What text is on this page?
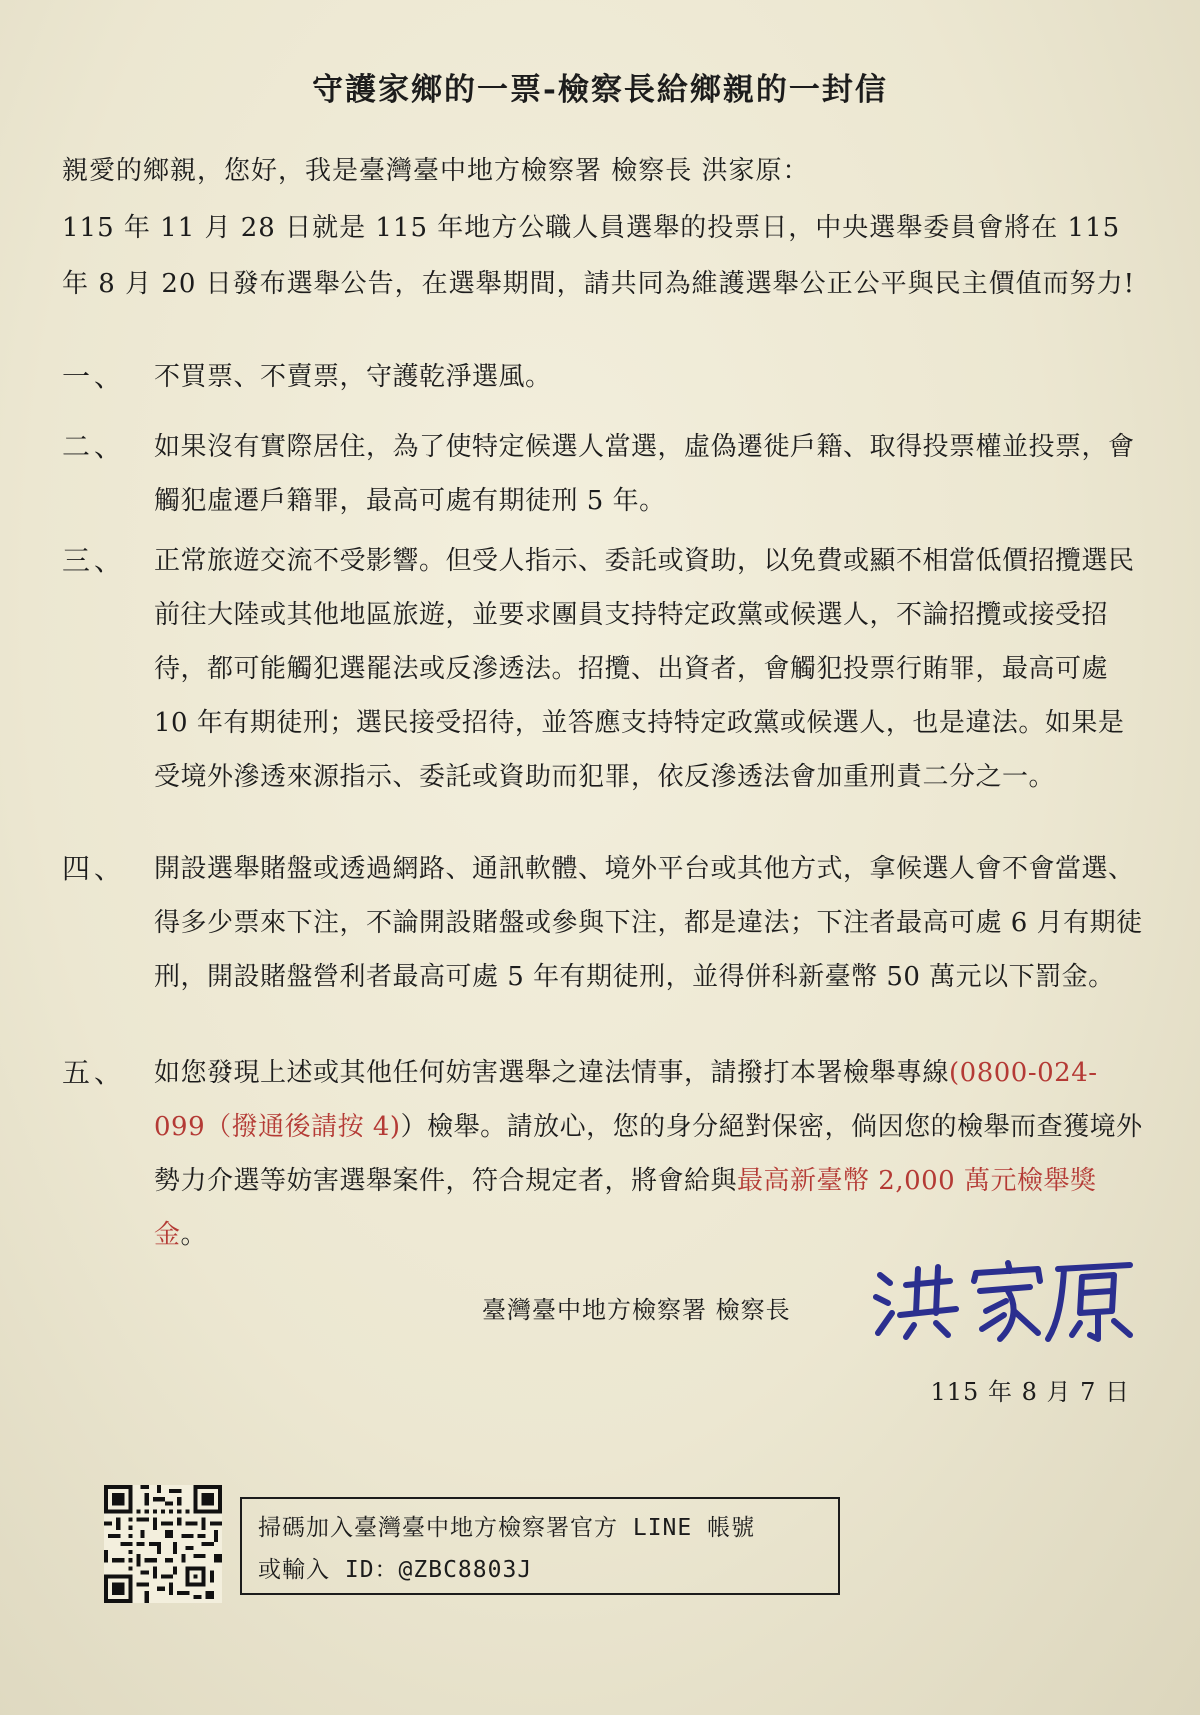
守護家鄉的一票-檢察長給鄉親的一封信
親愛的鄉親，您好，我是臺灣臺中地方檢察署 檢察長 洪家原：
115 年 11 月 28 日就是 115 年地方公職人員選舉的投票日，中央選舉委員會將在 115 年 8 月 20 日發布選舉公告，在選舉期間，請共同為維護選舉公正公平與民主價值而努力!
一、	不買票、不賣票，守護乾淨選風。
二、	如果沒有實際居住，為了使特定候選人當選，虛偽遷徙戶籍、取得投票權並投票，會觸犯虛遷戶籍罪，最高可處有期徒刑 5 年。
三、	正常旅遊交流不受影響。但受人指示、委託或資助，以免費或顯不相當低價招攬選民前往大陸或其他地區旅遊，並要求團員支持特定政黨或候選人，不論招攬或接受招待，都可能觸犯選罷法或反滲透法。招攬、出資者，會觸犯投票行賄罪，最高可處 10 年有期徒刑；選民接受招待，並答應支持特定政黨或候選人，也是違法。如果是受境外滲透來源指示、委託或資助而犯罪，依反滲透法會加重刑責二分之一。
四、	開設選舉賭盤或透過網路、通訊軟體、境外平台或其他方式，拿候選人會不會當選、得多少票來下注，不論開設賭盤或參與下注，都是違法；下注者最高可處 6 月有期徒刑，開設賭盤營利者最高可處 5 年有期徒刑，並得併科新臺幣 50 萬元以下罰金。
五、	如您發現上述或其他任何妨害選舉之違法情事，請撥打本署檢舉專線(0800-024-099（撥通後請按 4)）檢舉。請放心，您的身分絕對保密，倘因您的檢舉而查獲境外勢力介選等妨害選舉案件，符合規定者，將會給與最高新臺幣 2,000 萬元檢舉獎金。
臺灣臺中地方檢察署 檢察長
115 年 8 月 7 日
掃碼加入臺灣臺中地方檢察署官方 LINE 帳號
或輸入 ID：@ZBC8803J
